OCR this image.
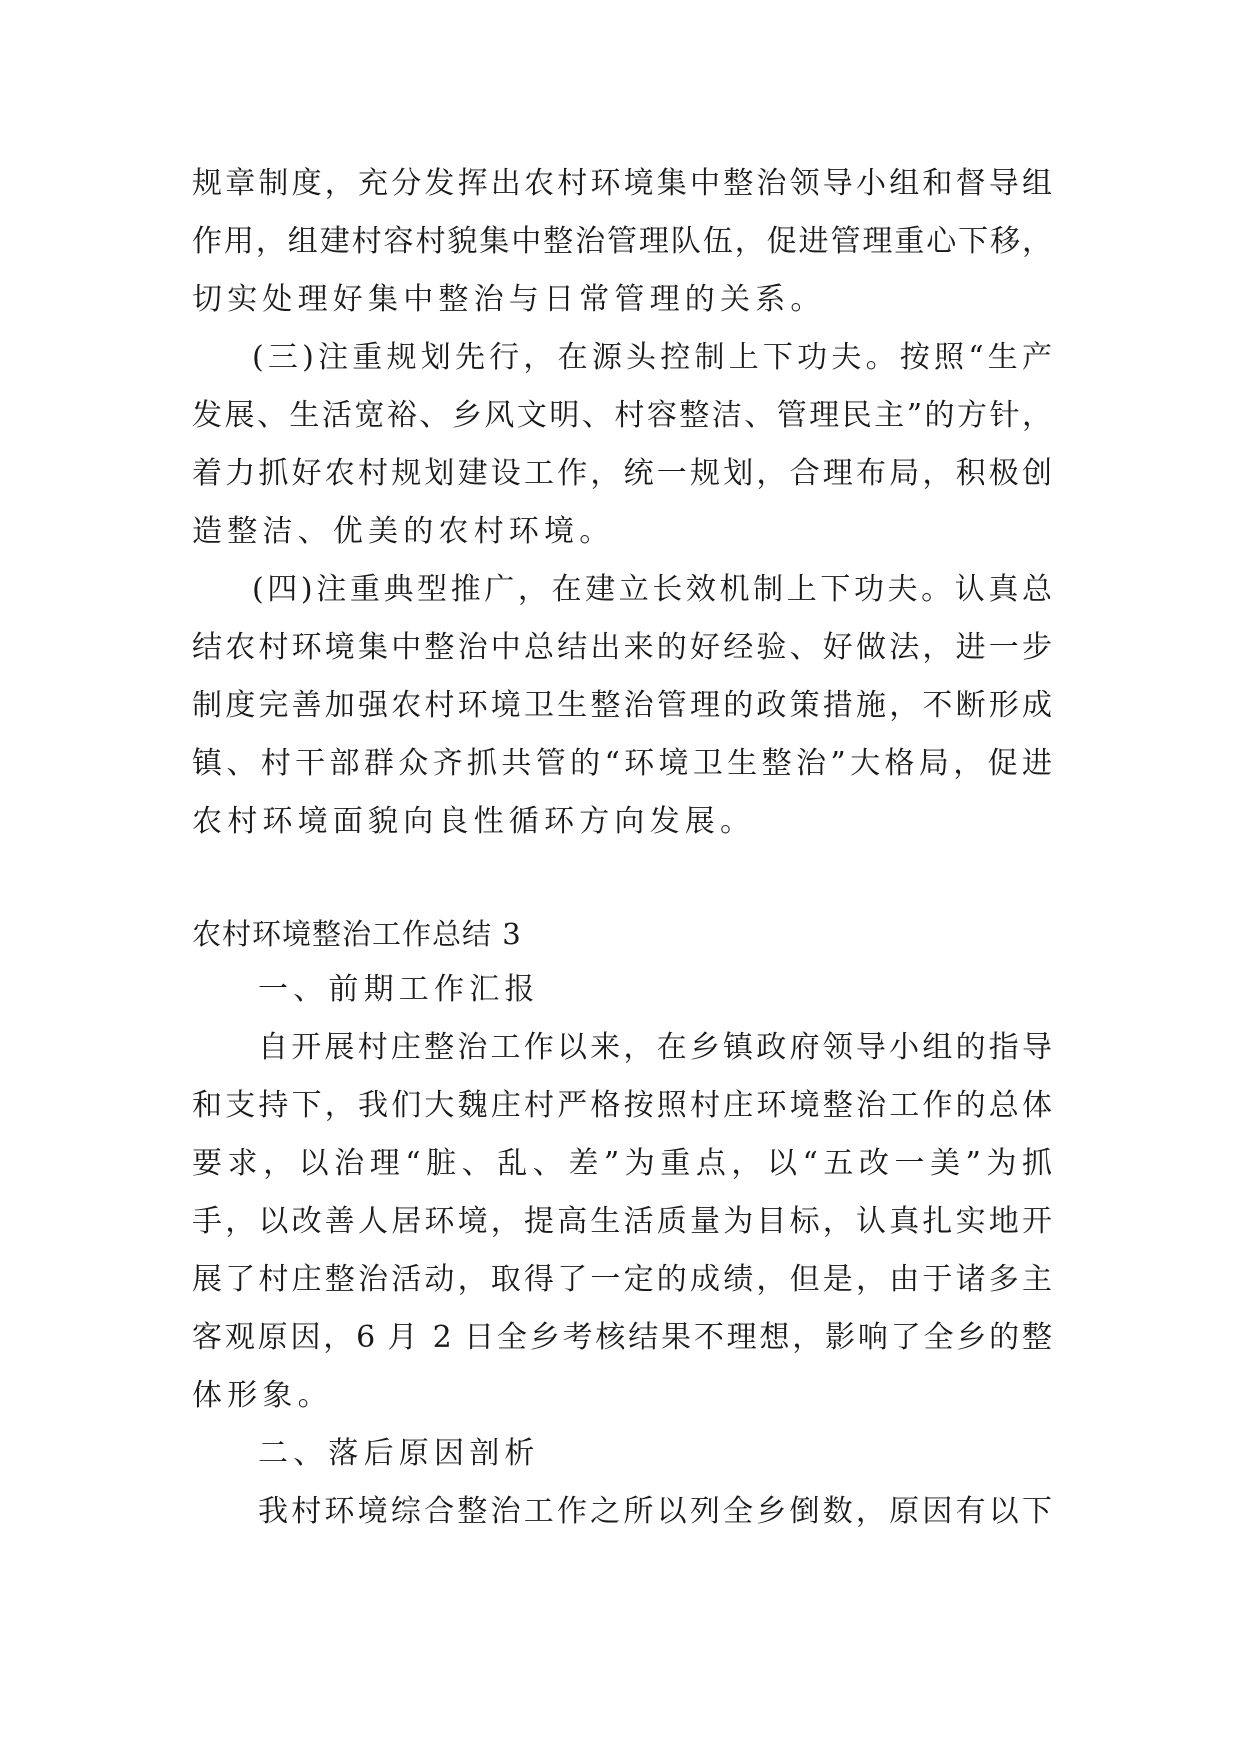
规章制度，充分发挥出农村环境集中整治领导小组和督导组
作用，组建村容村貌集中整治管理队伍，促进管理重心下移，
切实处理好集中整治与日常管理的关系。
(三)注重规划先行，在源头控制上下功夫。按照“生产
发展、生活宽裕、乡风文明、村容整洁、管理民主”的方针，
着力抓好农村规划建设工作，统一规划，合理布局，积极创
造整洁、优美的农村环境。
(四)注重典型推广，在建立长效机制上下功夫。认真总
结农村环境集中整治中总结出来的好经验、好做法，进一步
制度完善加强农村环境卫生整治管理的政策措施，不断形成
镇、村干部群众齐抓共管的“环境卫生整治”大格局，促进
农村环境面貌向良性循环方向发展。
农村环境整治工作总结 3
一、前期工作汇报
自开展村庄整治工作以来，在乡镇政府领导小组的指导
和支持下，我们大魏庄村严格按照村庄环境整治工作的总体
要求，以治理“脏、乱、差”为重点，以“五改一美”为抓
手，以改善人居环境，提高生活质量为目标，认真扎实地开
展了村庄整治活动，取得了一定的成绩，但是，由于诸多主
客观原因，6 月 2 日全乡考核结果不理想，影响了全乡的整
体形象。
二、落后原因剖析
我村环境综合整治工作之所以列全乡倒数，原因有以下
